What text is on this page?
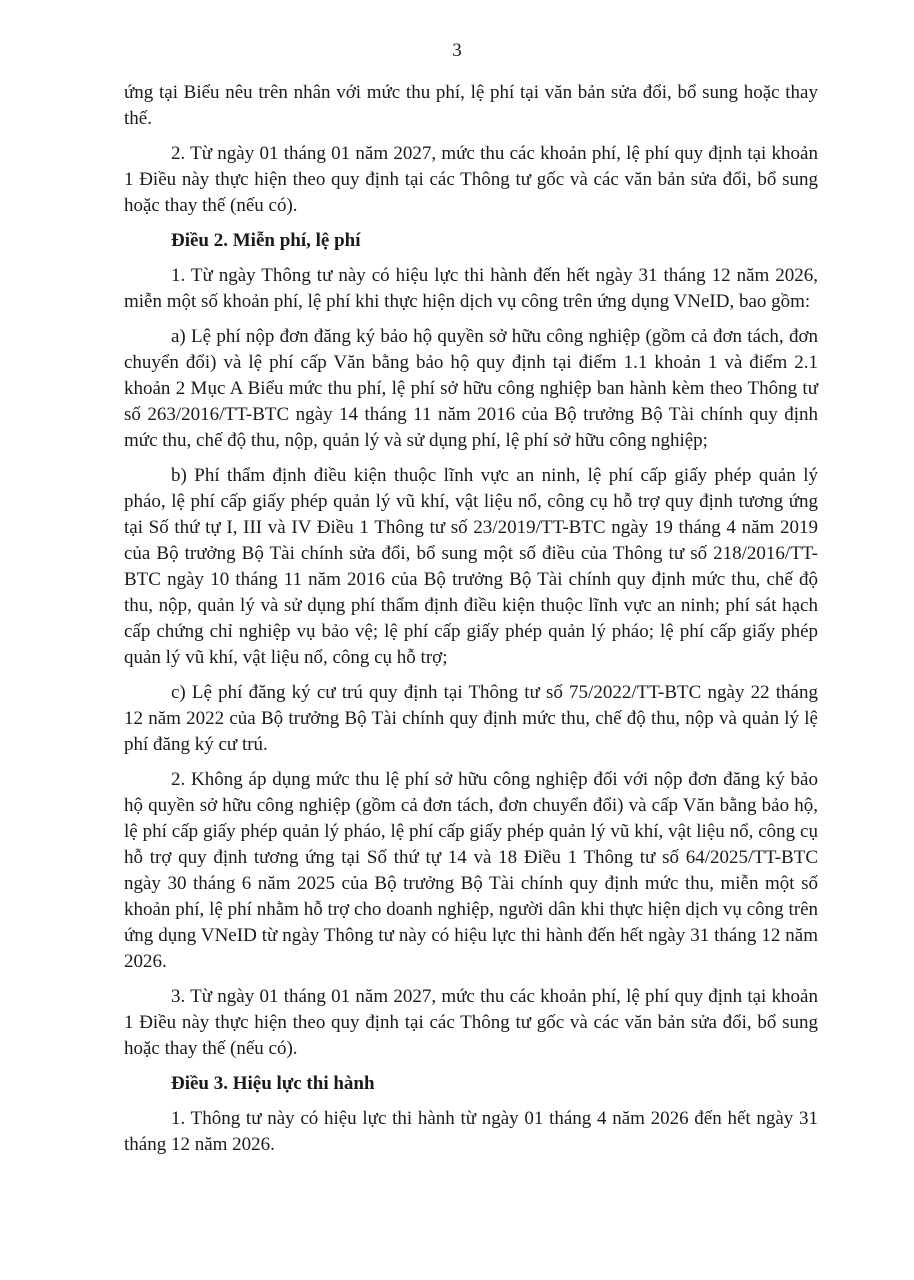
3

ứng tại Biểu nêu trên nhân với mức thu phí, lệ phí tại văn bản sửa đổi, bổ sung hoặc thay thế.

2. Từ ngày 01 tháng 01 năm 2027, mức thu các khoản phí, lệ phí quy định tại khoản 1 Điều này thực hiện theo quy định tại các Thông tư gốc và các văn bản sửa đổi, bổ sung hoặc thay thế (nếu có).

Điều 2. Miễn phí, lệ phí

1. Từ ngày Thông tư này có hiệu lực thi hành đến hết ngày 31 tháng 12 năm 2026, miễn một số khoản phí, lệ phí khi thực hiện dịch vụ công trên ứng dụng VNeID, bao gồm:

a) Lệ phí nộp đơn đăng ký bảo hộ quyền sở hữu công nghiệp (gồm cả đơn tách, đơn chuyển đổi) và lệ phí cấp Văn bằng bảo hộ quy định tại điểm 1.1 khoản 1 và điểm 2.1 khoản 2 Mục A Biểu mức thu phí, lệ phí sở hữu công nghiệp ban hành kèm theo Thông tư số 263/2016/TT-BTC ngày 14 tháng 11 năm 2016 của Bộ trưởng Bộ Tài chính quy định mức thu, chế độ thu, nộp, quản lý và sử dụng phí, lệ phí sở hữu công nghiệp;

b) Phí thẩm định điều kiện thuộc lĩnh vực an ninh, lệ phí cấp giấy phép quản lý pháo, lệ phí cấp giấy phép quản lý vũ khí, vật liệu nổ, công cụ hỗ trợ quy định tương ứng tại Số thứ tự I, III và IV Điều 1 Thông tư số 23/2019/TT-BTC ngày 19 tháng 4 năm 2019 của Bộ trưởng Bộ Tài chính sửa đổi, bổ sung một số điều của Thông tư số 218/2016/TT-BTC ngày 10 tháng 11 năm 2016 của Bộ trưởng Bộ Tài chính quy định mức thu, chế độ thu, nộp, quản lý và sử dụng phí thẩm định điều kiện thuộc lĩnh vực an ninh; phí sát hạch cấp chứng chỉ nghiệp vụ bảo vệ; lệ phí cấp giấy phép quản lý pháo; lệ phí cấp giấy phép quản lý vũ khí, vật liệu nổ, công cụ hỗ trợ;

c) Lệ phí đăng ký cư trú quy định tại Thông tư số 75/2022/TT-BTC ngày 22 tháng 12 năm 2022 của Bộ trưởng Bộ Tài chính quy định mức thu, chế độ thu, nộp và quản lý lệ phí đăng ký cư trú.

2. Không áp dụng mức thu lệ phí sở hữu công nghiệp đối với nộp đơn đăng ký bảo hộ quyền sở hữu công nghiệp (gồm cả đơn tách, đơn chuyển đổi) và cấp Văn bằng bảo hộ, lệ phí cấp giấy phép quản lý pháo, lệ phí cấp giấy phép quản lý vũ khí, vật liệu nổ, công cụ hỗ trợ quy định tương ứng tại Số thứ tự 14 và 18 Điều 1 Thông tư số 64/2025/TT-BTC ngày 30 tháng 6 năm 2025 của Bộ trưởng Bộ Tài chính quy định mức thu, miễn một số khoản phí, lệ phí nhằm hỗ trợ cho doanh nghiệp, người dân khi thực hiện dịch vụ công trên ứng dụng VNeID từ ngày Thông tư này có hiệu lực thi hành đến hết ngày 31 tháng 12 năm 2026.

3. Từ ngày 01 tháng 01 năm 2027, mức thu các khoản phí, lệ phí quy định tại khoản 1 Điều này thực hiện theo quy định tại các Thông tư gốc và các văn bản sửa đổi, bổ sung hoặc thay thế (nếu có).

Điều 3. Hiệu lực thi hành

1. Thông tư này có hiệu lực thi hành từ ngày 01 tháng 4 năm 2026 đến hết ngày 31 tháng 12 năm 2026.
